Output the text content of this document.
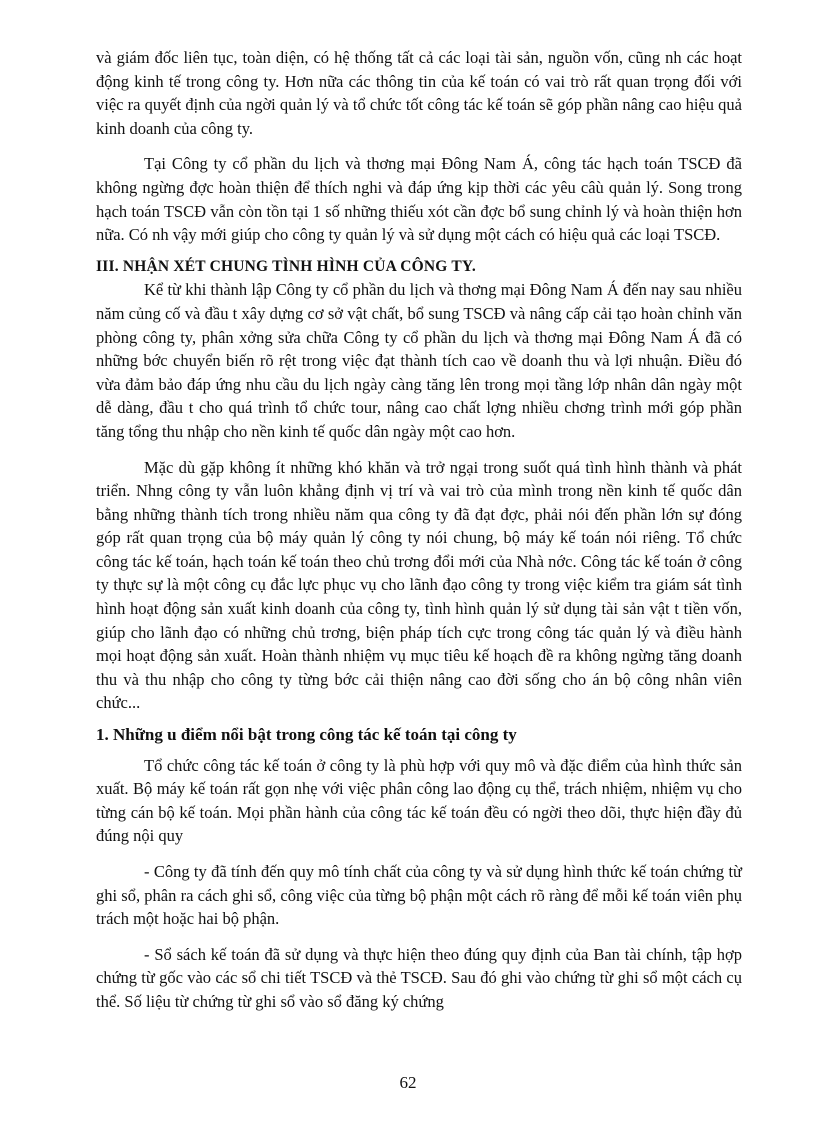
và giám đốc liên tục, toàn diện, có hệ thống tất cả các loại tài sản, nguồn vốn, cũng nh các hoạt động kinh tế trong công ty. Hơn nữa các thông tin của kế toán có vai trò rất quan trọng đối với việc ra quyết định của ngời quản lý và tổ chức tốt công tác kế toán sẽ góp phần nâng cao hiệu quả kinh doanh của công ty.

Tại Công ty cổ phần du lịch và thơng mại Đông Nam Á, công tác hạch toán TSCĐ đã không ngừng đợc hoàn thiện để thích nghi và đáp ứng kịp thời các yêu câù quản lý. Song trong hạch toán TSCĐ vẫn còn tồn tại 1 số những thiếu xót cần đợc bổ sung chỉnh lý và hoàn thiện hơn nữa. Có nh vậy mới giúp cho công ty quản lý và sử dụng một cách có hiệu quả các loại TSCĐ.

III. NHẬN XÉT CHUNG TÌNH HÌNH CỦA CÔNG TY.

Kể từ khi thành lập Công ty cổ phần du lịch và thơng mại Đông Nam Á đến nay sau nhiều năm củng cố và đầu t xây dựng cơ sở vật chất, bổ sung TSCĐ và nâng cấp cải tạo hoàn chỉnh văn phòng công ty, phân xởng sửa chữa Công ty cổ phần du lịch và thơng mại Đông Nam Á đã có những bớc chuyển biến rõ rệt trong việc đạt thành tích cao về doanh thu và lợi nhuận. Điều đó vừa đảm bảo đáp ứng nhu cầu du lịch ngày càng tăng lên trong mọi tầng lớp nhân dân ngày một dễ dàng, đầu t cho quá trình tổ chức tour, nâng cao chất lợng nhiều chơng trình mới góp phần tăng tổng thu nhập cho nền kinh tế quốc dân ngày một cao hơn.

Mặc dù gặp không ít những khó khăn và trở ngại trong suốt quá tình hình thành và phát triển. Nhng công ty vẫn luôn khẳng định vị trí và vai trò của mình trong nền kinh tế quốc dân bằng những thành tích trong nhiều năm qua công ty đã đạt đợc, phải nói đến phần lớn sự đóng góp rất quan trọng của bộ máy quản lý công ty nói chung, bộ máy kế toán nói riêng. Tổ chức công tác kế toán, hạch toán kế toán theo chủ trơng đổi mới của Nhà nớc. Công tác kế toán ở công ty thực sự là một công cụ đắc lực phục vụ cho lãnh đạo công ty trong việc kiểm tra giám sát tình hình hoạt động sản xuất kinh doanh của công ty, tình hình quản lý sử dụng tài sản vật t tiền vốn, giúp cho lãnh đạo có những chủ trơng, biện pháp tích cực trong công tác quản lý và điều hành mọi hoạt động sản xuất. Hoàn thành nhiệm vụ mục tiêu kế hoạch đề ra không ngừng tăng doanh thu và thu nhập cho công ty từng bớc cải thiện nâng cao đời sống cho án bộ công nhân viên chức...

1. Những u điểm nổi bật trong công tác kế toán tại công ty

Tổ chức công tác kế toán ở công ty là phù hợp với quy mô và đặc điểm của hình thức sản xuất. Bộ máy kế toán rất gọn nhẹ với việc phân công lao động cụ thể, trách nhiệm, nhiệm vụ cho từng cán bộ kế toán. Mọi phần hành của công tác kế toán đều có ngời theo dõi, thực hiện đầy đủ đúng nội quy

- Công ty đã tính đến quy mô tính chất của công ty và sử dụng hình thức kế toán chứng từ ghi sổ, phân ra cách ghi sổ, công việc của từng bộ phận một cách rõ ràng để mỗi kế toán viên phụ trách một hoặc hai bộ phận.

- Sổ sách kế toán đã sử dụng và thực hiện theo đúng quy định của Ban tài chính, tập hợp chứng từ gốc vào các sổ chi tiết TSCĐ và thẻ TSCĐ. Sau đó ghi vào chứng từ ghi sổ một cách cụ thể. Số liệu từ chứng từ ghi sổ vào sổ đăng ký chứng

62
